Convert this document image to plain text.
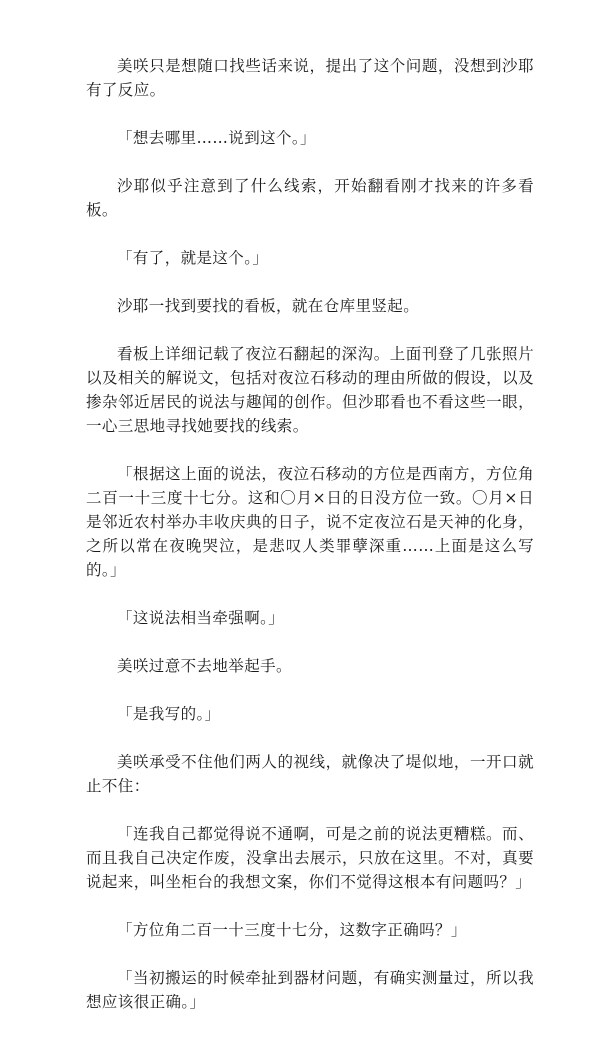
美咲只是想随口找些话来说，提出了这个问题，没想到沙耶有了反应。

「想去哪里……说到这个。」

沙耶似乎注意到了什么线索，开始翻看刚才找来的许多看板。

「有了，就是这个。」

沙耶一找到要找的看板，就在仓库里竖起。

看板上详细记载了夜泣石翻起的深沟。上面刊登了几张照片以及相关的解说文，包括对夜泣石移动的理由所做的假设，以及掺杂邻近居民的说法与趣闻的创作。但沙耶看也不看这些一眼，一心三思地寻找她要找的线索。

「根据这上面的说法，夜泣石移动的方位是西南方，方位角二百一十三度十七分。这和〇月×日的日没方位一致。〇月×日是邻近农村举办丰收庆典的日子，说不定夜泣石是天神的化身，之所以常在夜晚哭泣，是悲叹人类罪孽深重……上面是这么写的。」

「这说法相当牵强啊。」

美咲过意不去地举起手。

「是我写的。」

美咲承受不住他们两人的视线，就像决了堤似地，一开口就止不住：

「连我自己都觉得说不通啊，可是之前的说法更糟糕。而、而且我自己决定作废，没拿出去展示，只放在这里。不对，真要说起来，叫坐柜台的我想文案，你们不觉得这根本有问题吗？」

「方位角二百一十三度十七分，这数字正确吗？」

「当初搬运的时候牵扯到器材问题，有确实测量过，所以我想应该很正确。」
